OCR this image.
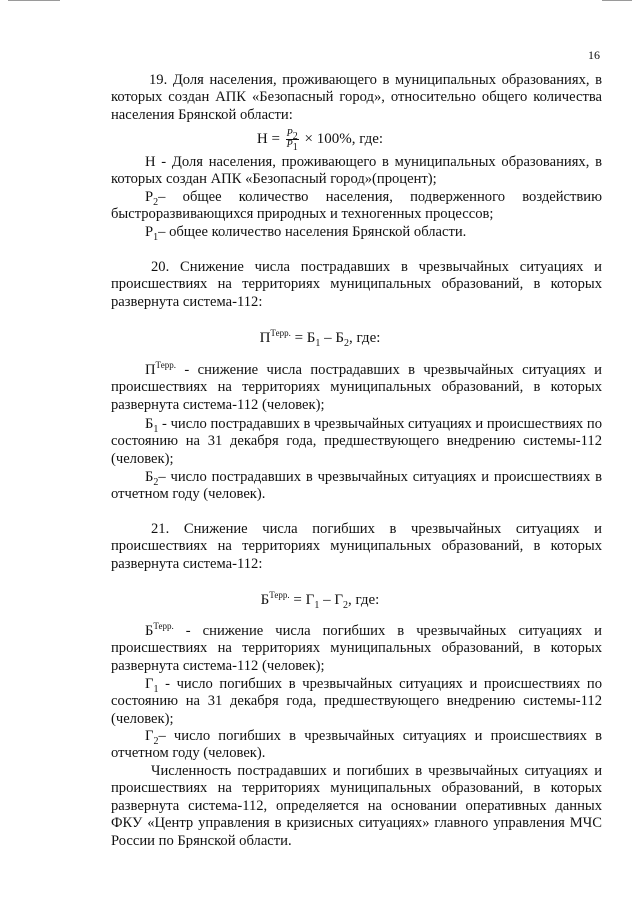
16

19. Доля населения, проживающего в муниципальных образованиях, в которых создан АПК «Безопасный город», относительно общего количества населения Брянской области:

$Н = \frac{P_2}{P_1} \times 100\%$, где:

Н - Доля населения, проживающего в муниципальных образованиях, в которых создан АПК «Безопасный город»(процент);

$Р_2-$ общее количество населения, подверженного воздействию быстроразвивающихся природных и техногенных процессов;

$Р_1-$ общее количество населения Брянской области.

20. Снижение числа пострадавших в чрезвычайных ситуациях и происшествиях на территориях муниципальных образований, в которых развернута система-112:

$П^{Терр.} = Б_1 - Б_2$, где:

$П^{Терр.}$ - снижение числа пострадавших в чрезвычайных ситуациях и происшествиях на территориях муниципальных образований, в которых развернута система-112 (человек);

$Б_1$ - число пострадавших в чрезвычайных ситуациях и происшествиях по состоянию на 31 декабря года, предшествующего внедрению системы-112 (человек);

$Б_2-$ число пострадавших в чрезвычайных ситуациях и происшествиях в отчетном году (человек).

21. Снижение числа погибших в чрезвычайных ситуациях и происшествиях на территориях муниципальных образований, в которых развернута система-112:

$Б^{Терр.} = Г_1 - Г_2$, где:

$Б^{Терр.}$ - снижение числа погибших в чрезвычайных ситуациях и происшествиях на территориях муниципальных образований, в которых развернута система-112 (человек);

$Г_1$ - число погибших в чрезвычайных ситуациях и происшествиях по состоянию на 31 декабря года, предшествующего внедрению системы-112 (человек);

$Г_2-$ число погибших в чрезвычайных ситуациях и происшествиях в отчетном году (человек).

Численность пострадавших и погибших в чрезвычайных ситуациях и происшествиях на территориях муниципальных образований, в которых развернута система-112, определяется на основании оперативных данных ФКУ «Центр управления в кризисных ситуациях» главного управления МЧС России по Брянской области.
